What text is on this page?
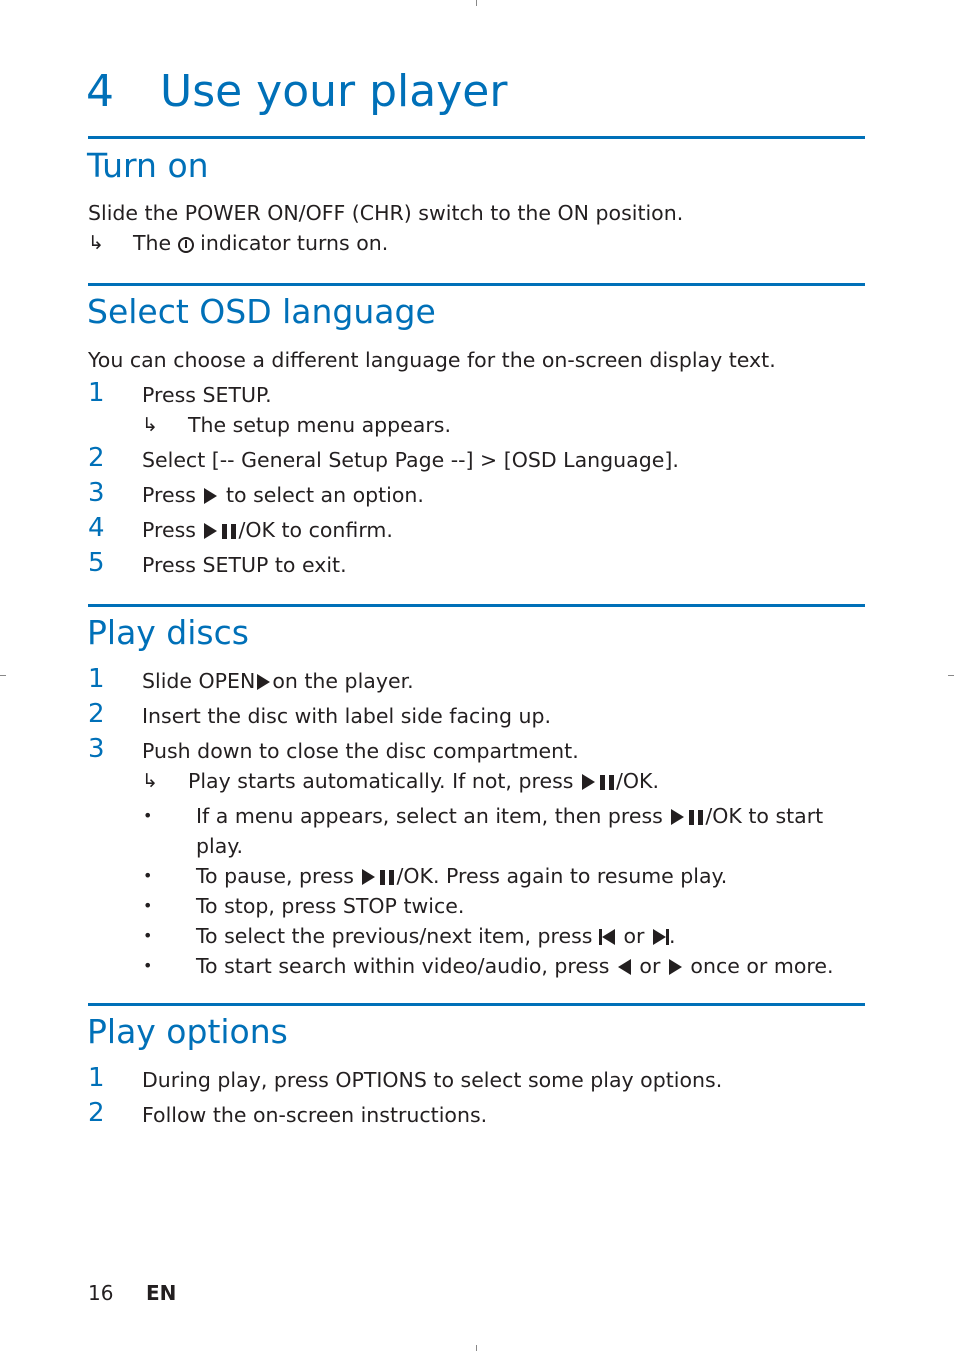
4 Use your player
Turn on
Slide the POWER ON/OFF (CHR) switch to the ON position.
↳ The  indicator turns on.
Select OSD language
You can choose a different language for the on-screen display text.
1	Press SETUP.
↳ The setup menu appears.
2	Select [-- General Setup Page --] > [OSD Language].
3	Press  to select an option.
4	Press /OK to confirm.
5	Press SETUP to exit.
Play discs
1	Slide OPEN on the player.
2	Insert the disc with label side facing up.
3	Push down to close the disc compartment.
↳ Play starts automatically. If not, press /OK.
• If a menu appears, select an item, then press /OK to start
play.
• To pause, press /OK. Press again to resume play.
• To stop, press STOP twice.
• To select the previous/next item, press  or .
• To start search within video/audio, press  or  once or more.
Play options
1	During play, press OPTIONS to select some play options.
2	Follow the on-screen instructions.
16 EN
